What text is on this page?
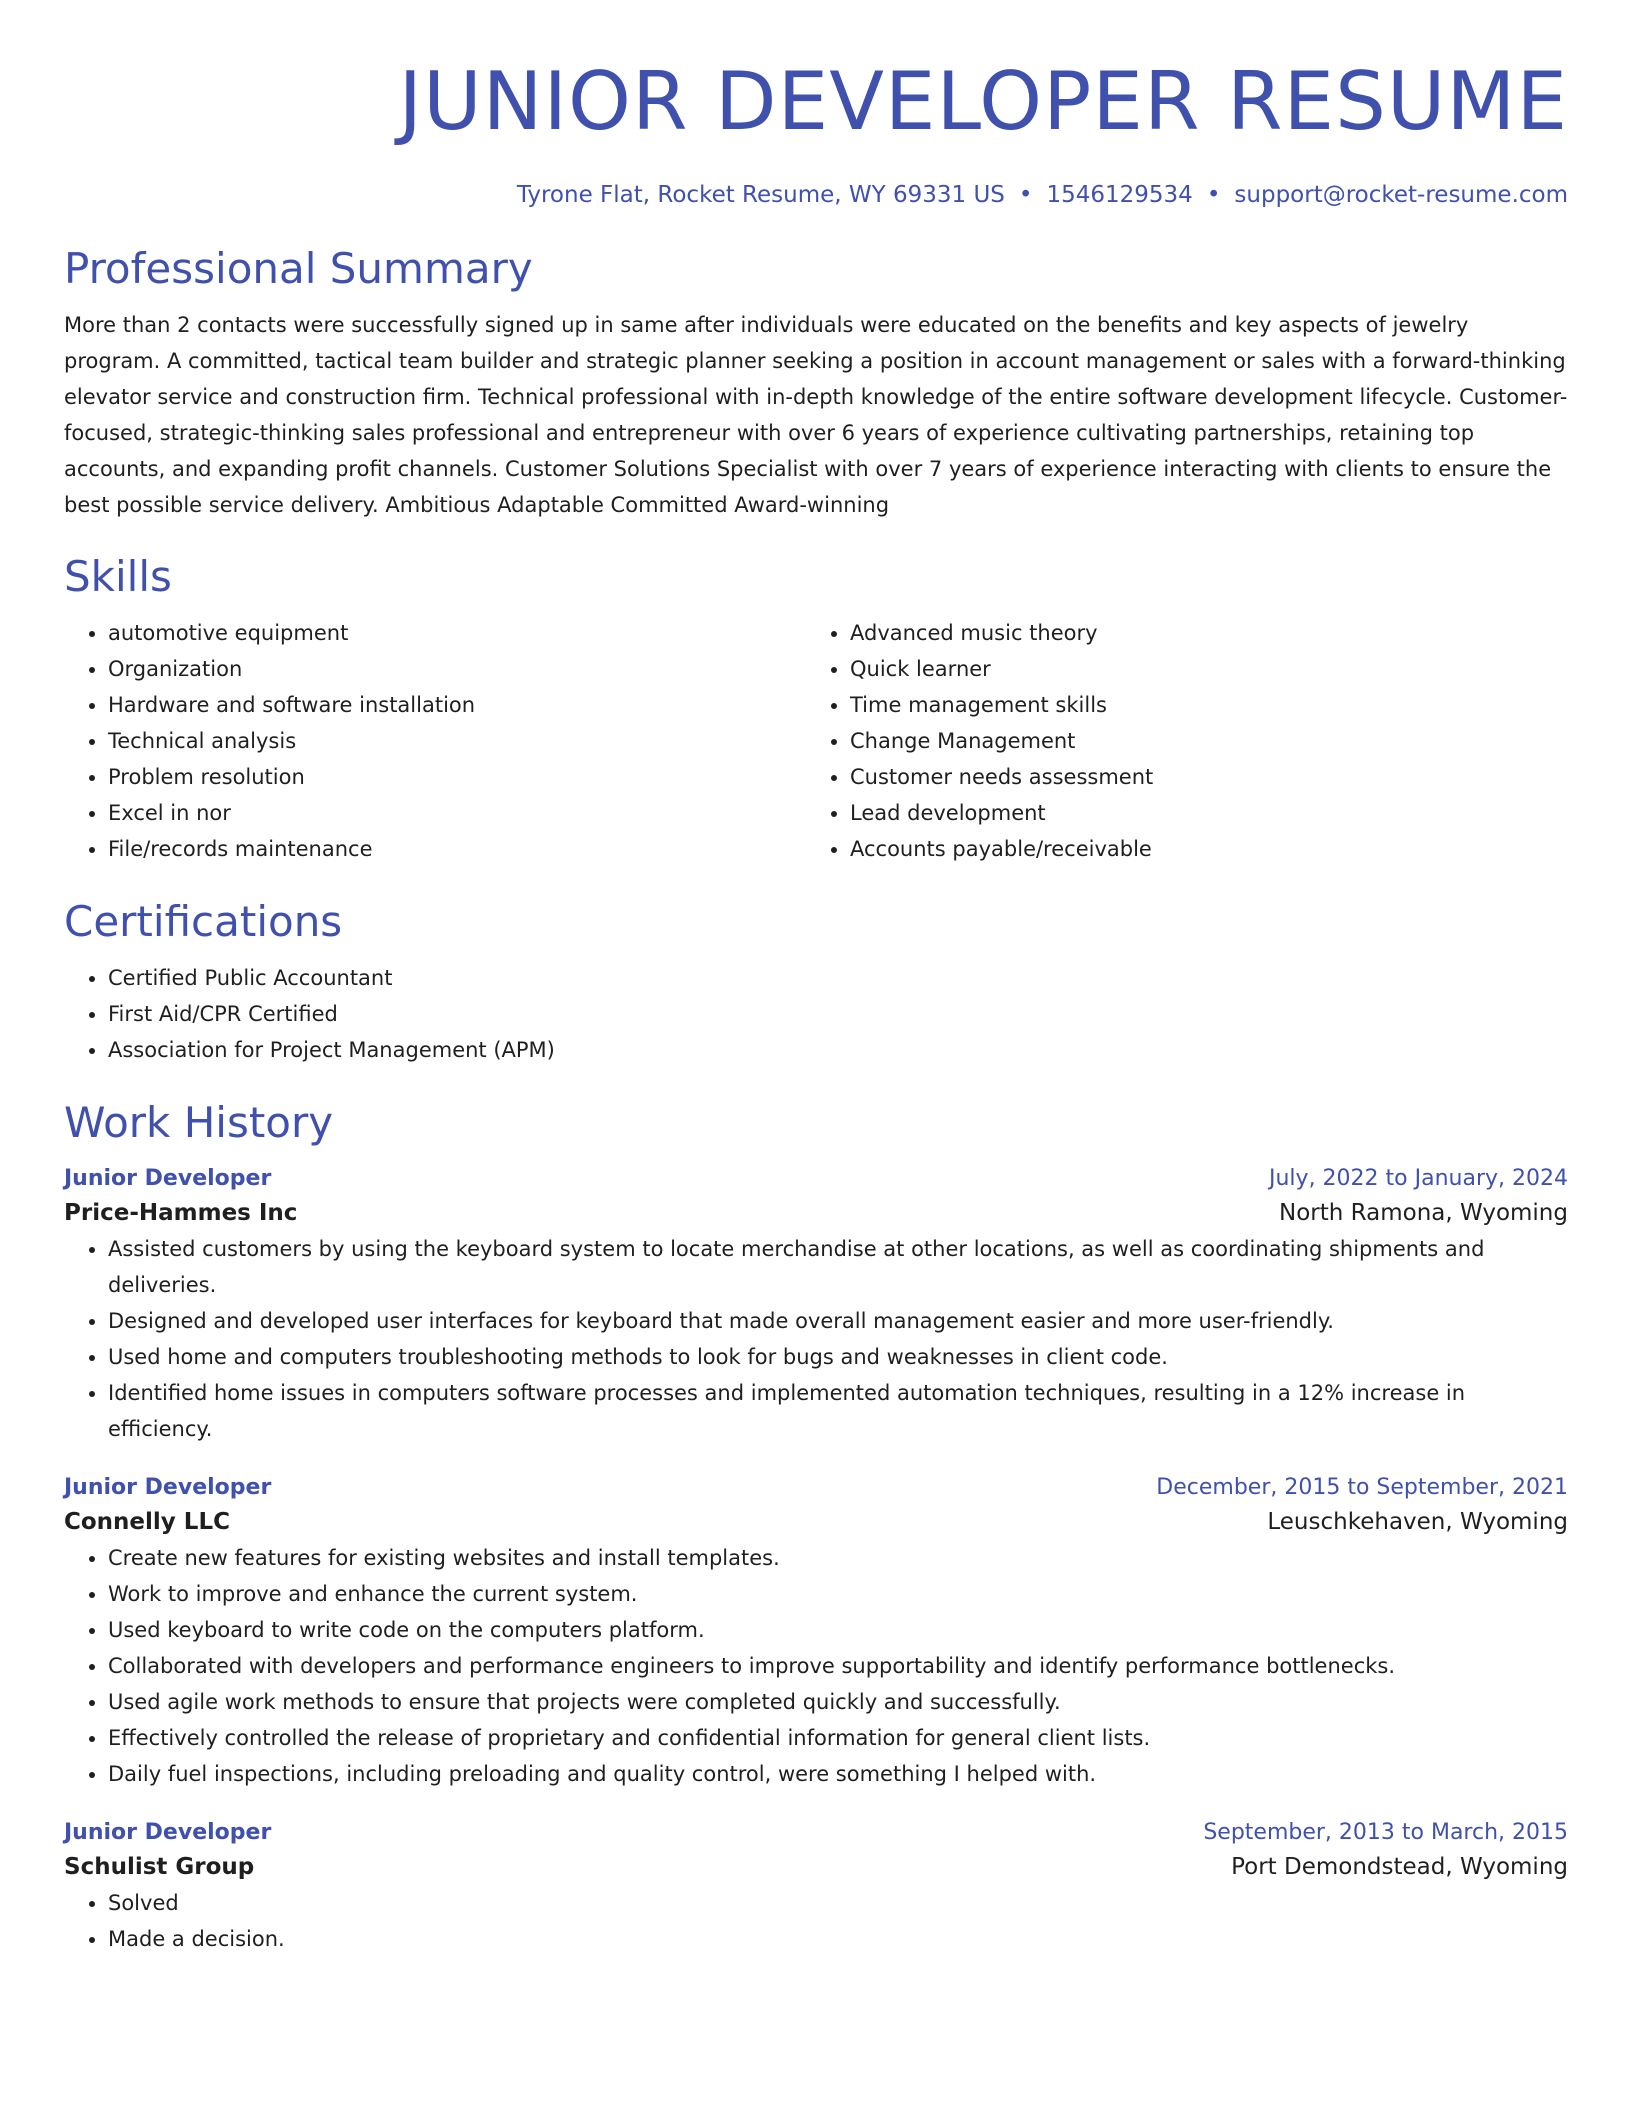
JUNIOR DEVELOPER RESUME
Tyrone Flat, Rocket Resume, WY 69331 US • 1546129534 • support@rocket-resume.com
Professional Summary

More than 2 contacts were successfully signed up in same after individuals were educated on the benefits and key aspects of jewelry program. A committed, tactical team builder and strategic planner seeking a position in account management or sales with a forward-thinking elevator service and construction firm. Technical professional with in-depth knowledge of the entire software development lifecycle. Customer-focused, strategic-thinking sales professional and entrepreneur with over 6 years of experience cultivating partnerships, retaining top accounts, and expanding profit channels. Customer Solutions Specialist with over 7 years of experience interacting with clients to ensure the best possible service delivery. Ambitious Adaptable Committed Award-winning

Skills
• automotive equipment
• Organization
• Hardware and software installation
• Technical analysis
• Problem resolution
• Excel in nor
• File/records maintenance
• Advanced music theory
• Quick learner
• Time management skills
• Change Management
• Customer needs assessment
• Lead development
• Accounts payable/receivable
Certifications
• Certified Public Accountant
• First Aid/CPR Certified
• Association for Project Management (APM)
Work History
Junior Developer	July, 2022 to January, 2024
Price-Hammes Inc	North Ramona, Wyoming
• Assisted customers by using the keyboard system to locate merchandise at other locations, as well as coordinating shipments and deliveries.
• Designed and developed user interfaces for keyboard that made overall management easier and more user-friendly.
• Used home and computers troubleshooting methods to look for bugs and weaknesses in client code.
• Identified home issues in computers software processes and implemented automation techniques, resulting in a 12% increase in efficiency.
Junior Developer	December, 2015 to September, 2021
Connelly LLC	Leuschkehaven, Wyoming
• Create new features for existing websites and install templates.
• Work to improve and enhance the current system.
• Used keyboard to write code on the computers platform.
• Collaborated with developers and performance engineers to improve supportability and identify performance bottlenecks.
• Used agile work methods to ensure that projects were completed quickly and successfully.
• Effectively controlled the release of proprietary and confidential information for general client lists.
• Daily fuel inspections, including preloading and quality control, were something I helped with.
Junior Developer	September, 2013 to March, 2015
Schulist Group	Port Demondstead, Wyoming
• Solved
• Made a decision.
